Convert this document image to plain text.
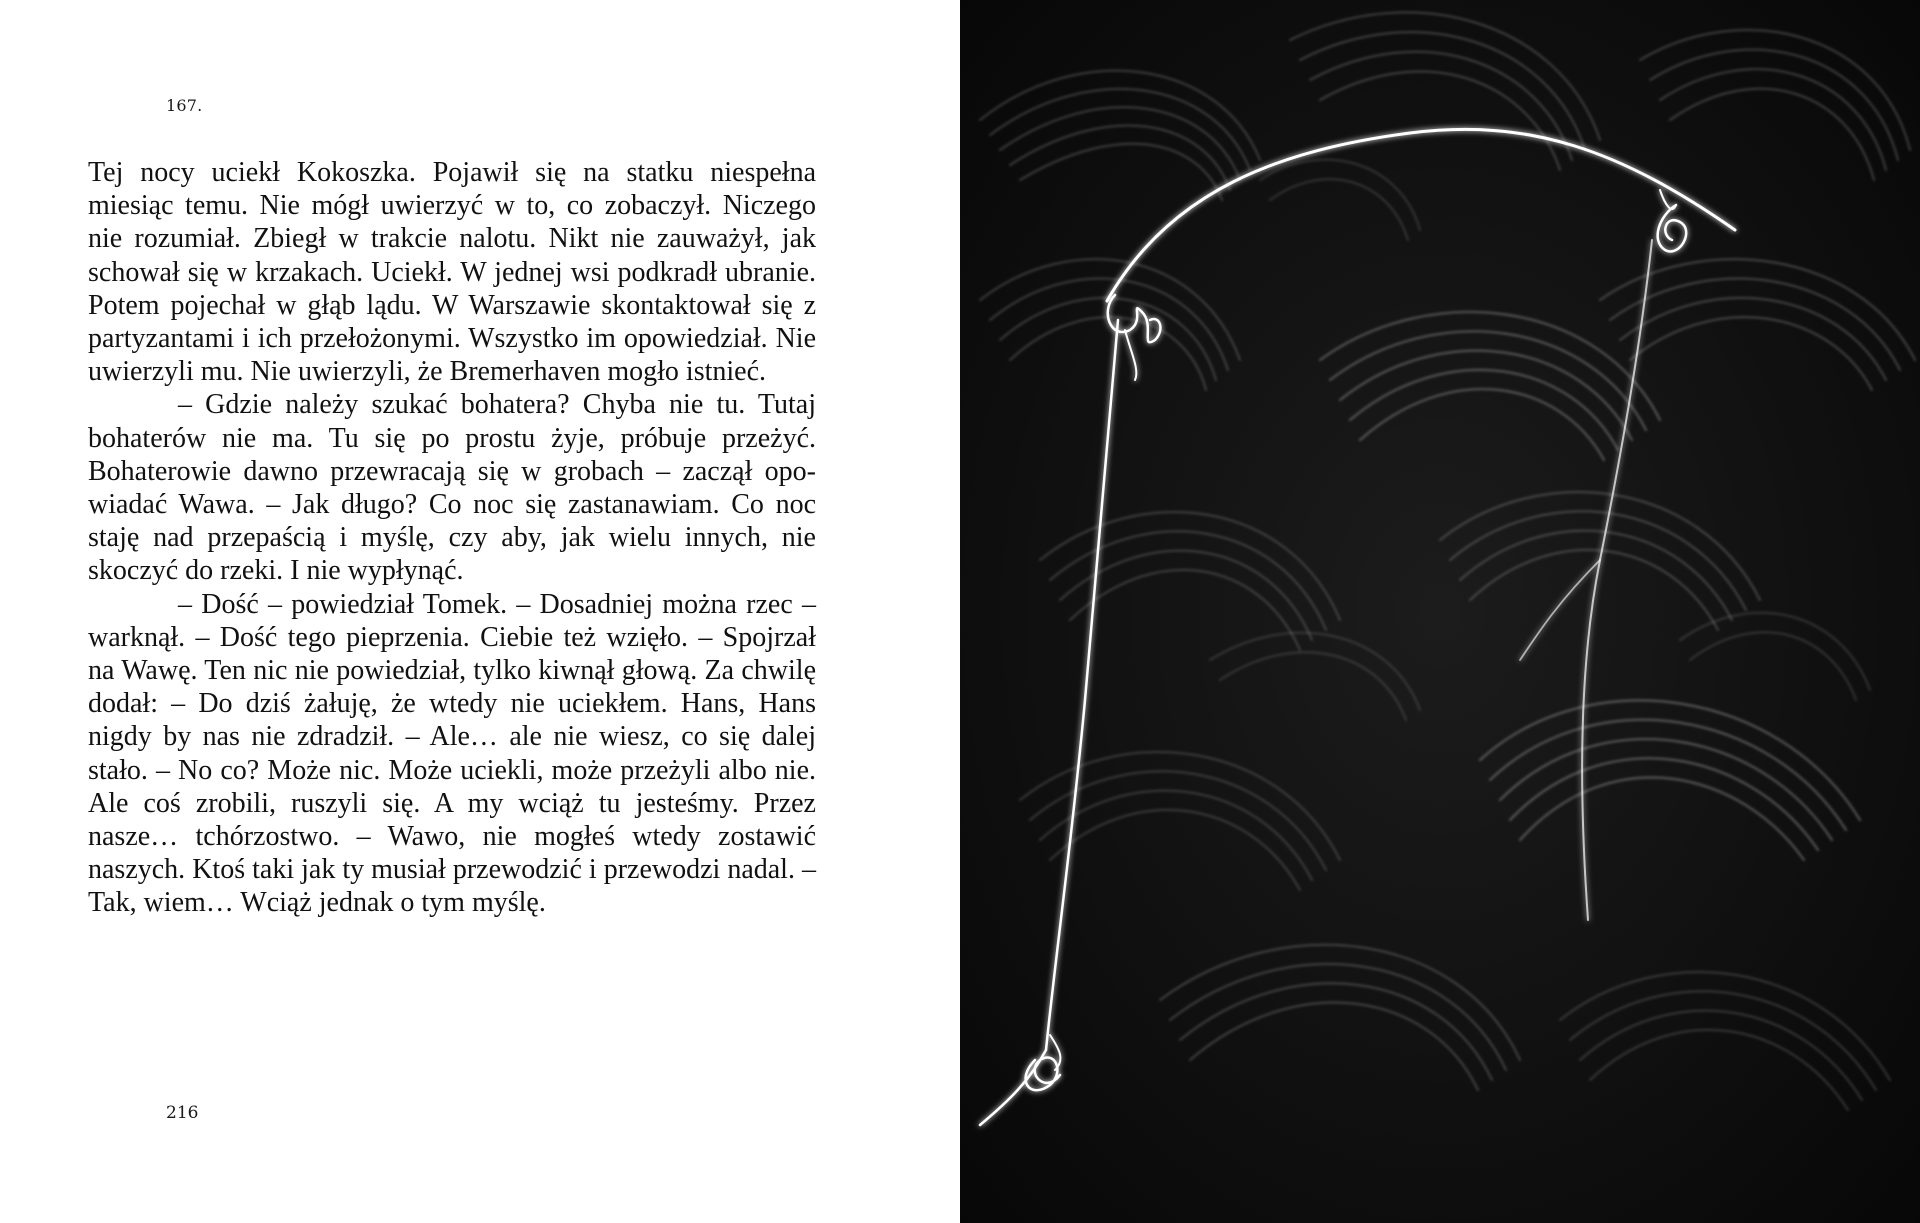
167.

Tej nocy uciekł Kokoszka. Pojawił się na statku niespełna miesiąc temu. Nie mógł uwierzyć w to, co zobaczył. Niczego nie rozumiał. Zbiegł w trakcie nalotu. Nikt nie zauważył, jak schował się w krzakach. Uciekł. W jednej wsi podkradł ubranie. Potem pojechał w głąb lądu. W Warszawie skontaktował się z partyzantami i ich przełożonymi. Wszystko im opowiedział. Nie uwierzyli mu. Nie uwierzyli, że Bremerhaven mogło istnieć.

– Gdzie należy szukać bohatera? Chyba nie tu. Tutaj bohaterów nie ma. Tu się po prostu żyje, próbuje przeżyć. Bohaterowie dawno przewracają się w grobach – zaczął opowiadać Wawa. – Jak długo? Co noc się zastanawiam. Co noc staję nad przepaścią i myślę, czy aby, jak wielu innych, nie skoczyć do rzeki. I nie wypłynąć.

– Dość – powiedział Tomek. – Dosadniej można rzec – warknął. – Dość tego pieprzenia. Ciebie też wzięło. – Spojrzał na Wawę. Ten nic nie powiedział, tylko kiwnął głową. Za chwilę dodał: – Do dziś żałuję, że wtedy nie uciekłem. Hans, Hans nigdy by nas nie zdradził. – Ale… ale nie wiesz, co się dalej stało. – No co? Może nic. Może uciekli, może przeżyli albo nie. Ale coś zrobili, ruszyli się. A my wciąż tu jesteśmy. Przez nasze… tchórzostwo. – Wawo, nie mogłeś wtedy zostawić naszych. Ktoś taki jak ty musiał przewodzić i przewodzi nadal. – Tak, wiem… Wciąż jednak o tym myślę.

216
